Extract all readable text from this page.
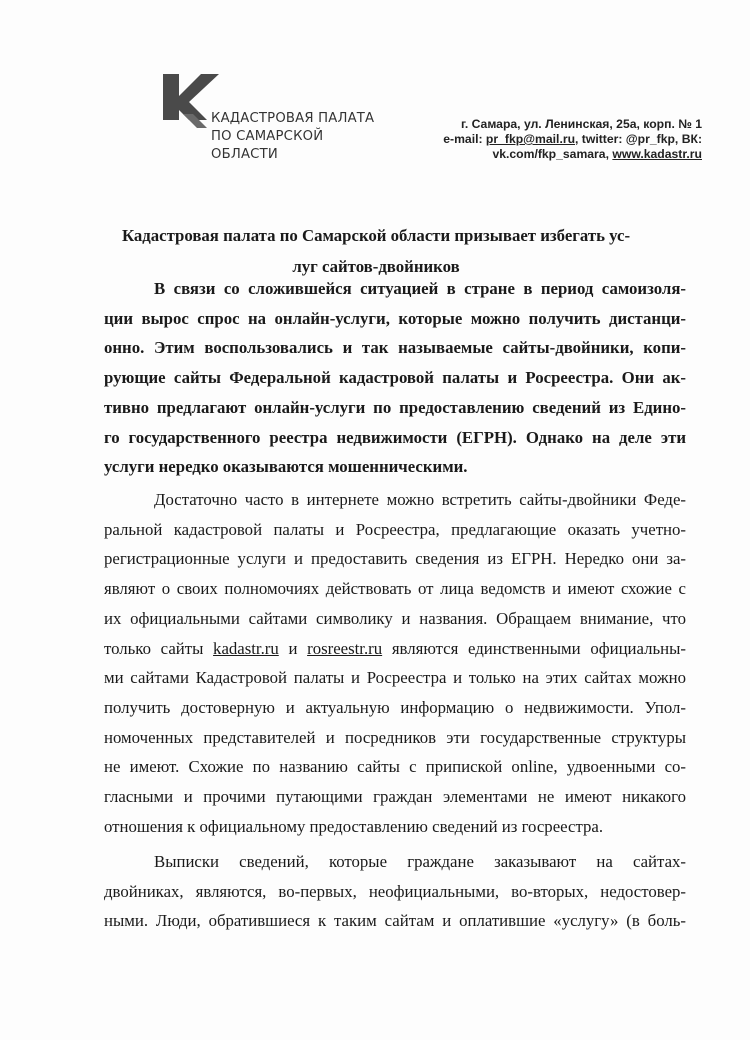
КАДАСТРОВАЯ ПАЛАТА
ПО САМАРСКОЙ
ОБЛАСТИ
г. Самара, ул. Ленинская, 25а, корп. № 1
e-mail: pr_fkp@mail.ru, twitter: @pr_fkp, ВК:
vk.com/fkp_samara, www.kadastr.ru
Кадастровая палата по Самарской области призывает избегать ус-
луг сайтов-двойников
В связи со сложившейся ситуацией в стране в период самоизоля-
ции вырос спрос на онлайн-услуги, которые можно получить дистанци-
онно. Этим воспользовались и так называемые сайты-двойники, копи-
рующие сайты Федеральной кадастровой палаты и Росреестра. Они ак-
тивно предлагают онлайн-услуги по предоставлению сведений из Едино-
го государственного реестра недвижимости (ЕГРН). Однако на деле эти
услуги нередко оказываются мошенническими.
Достаточно часто в интернете можно встретить сайты-двойники Феде-
ральной кадастровой палаты и Росреестра, предлагающие оказать учетно-
регистрационные услуги и предоставить сведения из ЕГРН. Нередко они за-
являют о своих полномочиях действовать от лица ведомств и имеют схожие с
их официальными сайтами символику и названия. Обращаем внимание, что
только сайты kadastr.ru и rosreestr.ru являются единственными официальны-
ми сайтами Кадастровой палаты и Росреестра и только на этих сайтах можно
получить достоверную и актуальную информацию о недвижимости. Упол-
номоченных представителей и посредников эти государственные структуры
не имеют. Схожие по названию сайты с припиской online, удвоенными со-
гласными и прочими путающими граждан элементами не имеют никакого
отношения к официальному предоставлению сведений из госреестра.
Выписки сведений, которые граждане заказывают на сайтах-
двойниках, являются, во-первых, неофициальными, во-вторых, недостовер-
ными. Люди, обратившиеся к таким сайтам и оплатившие «услугу» (в боль-
